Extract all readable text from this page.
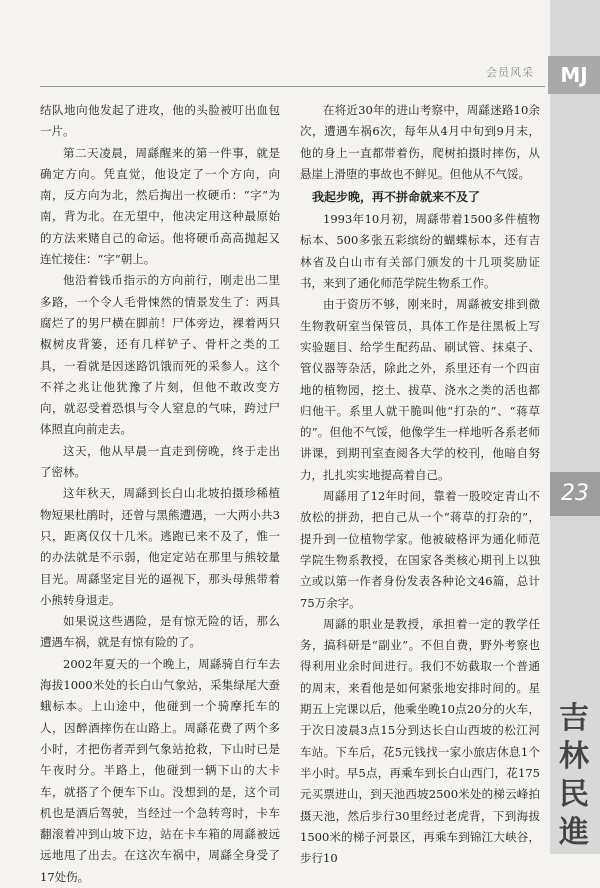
会员风采	MJ
23
吉
林
民
進

结队地向他发起了进攻，他的头脸被叮出血包一片。

第二天凌晨，周繇醒来的第一件事，就是确定方向。凭直觉，他设定了一个方向，向南，反方向为北，然后掏出一枚硬币：“字”为南，背为北。在无望中，他决定用这种最原始的方法来赌自己的命运。他将硬币高高抛起又连忙接住：“字”朝上。

他沿着钱币指示的方向前行，刚走出二里多路，一个令人毛骨悚然的情景发生了：两具腐烂了的男尸横在脚前！尸体旁边，裸着两只椒树皮背篓，还有几样铲子、骨杆之类的工具，一看就是因迷路饥饿而死的采参人。这个不祥之兆让他犹豫了片刻，但他不敢改变方向，就忍受着恐惧与令人窒息的气味，跨过尸体照直向前走去。

这天，他从早晨一直走到傍晚，终于走出了密林。

这年秋天，周繇到长白山北坡拍摄珍稀植物短果杜鹃时，还曾与黑熊遭遇，一大两小共3只，距离仅仅十几米。逃跑已来不及了，惟一的办法就是不示弱，他定定站在那里与熊较量目光。周繇坚定目光的逼视下，那头母熊带着小熊转身退走。

如果说这些遇险，是有惊无险的话，那么遭遇车祸，就是有惊有险的了。

2002年夏天的一个晚上，周繇骑自行车去海拔1000米处的长白山气象站，采集绿尾大蚕蛾标本。上山途中，他碰到一个骑摩托车的人，因醉酒摔伤在山路上。周繇花费了两个多小时，才把伤者弄到气象站抢救，下山时已是午夜时分。半路上，他碰到一辆下山的大卡车，就搭了个便车下山。没想到的是，这个司机也是酒后驾驶，当经过一个急转弯时，卡车翻滚着冲到山坡下边，站在卡车箱的周繇被远远地甩了出去。在这次车祸中，周繇全身受了17处伤。

在将近30年的进山考察中，周繇迷路10余次，遭遇车祸6次，每年从4月中旬到9月末，他的身上一直都带着伤，爬树拍摄时摔伤，从悬崖上滑堕的事故也不鲜见。但他从不气馁。

我起步晚，再不拼命就来不及了

1993年10月初，周繇带着1500多件植物标本、500多张五彩缤纷的蝴蝶标本，还有吉林省及白山市有关部门颁发的十几项奖励证书，来到了通化师范学院生物系工作。

由于资历不够，刚来时，周繇被安排到微生物教研室当保管员，具体工作是往黑板上写实验题目、给学生配药品、刷试管、抹桌子、管仪器等杂活，除此之外，系里还有一个四亩地的植物园，挖土、拔草、浇水之类的活也都归他干。系里人就干脆叫他“打杂的”、“蒋草的”。但他不气馁，他像学生一样地听各系老师讲课，到期刊室查阅各大学的校刊，他暗自努力，扎扎实实地提高着自己。

周繇用了12年时间，靠着一股咬定青山不放松的拼劲，把自己从一个“蒋草的打杂的”，提升到一位植物学家。他被破格评为通化师范学院生物系教授，在国家各类核心期刊上以独立或以第一作者身份发表各种论文46篇，总计75万余字。

周繇的职业是教授，承担着一定的教学任务，搞科研是“副业”。不但自费，野外考察也得利用业余时间进行。我们不妨截取一个普通的周末，来看他是如何紧张地安排时间的。星期五上完课以后，他乘坐晚10点20分的火车，于次日凌晨3点15分到达长白山西坡的松江河车站。下车后，花5元钱找一家小旅店休息1个半小时。早5点，再乘车到长白山西门，花175元买票进山，到天池西坡2500米处的梯云峰拍摄天池，然后步行30里经过老虎背，下到海拔1500米的梯子河景区，再乘车到锦江大峡谷，步行10
